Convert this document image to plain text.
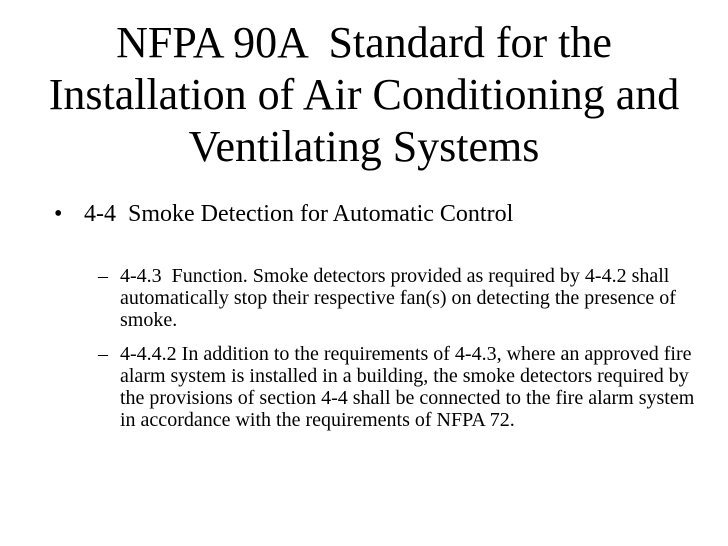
NFPA 90A  Standard for the Installation of Air Conditioning and Ventilating Systems
• 4-4  Smoke Detection for Automatic Control
– 4-4.3  Function. Smoke detectors provided as required by 4-4.2 shall automatically stop their respective fan(s) on detecting the presence of smoke.
– 4-4.4.2 In addition to the requirements of 4-4.3, where an approved fire alarm system is installed in a building, the smoke detectors required by the provisions of section 4-4 shall be connected to the fire alarm system in accordance with the requirements of NFPA 72.
